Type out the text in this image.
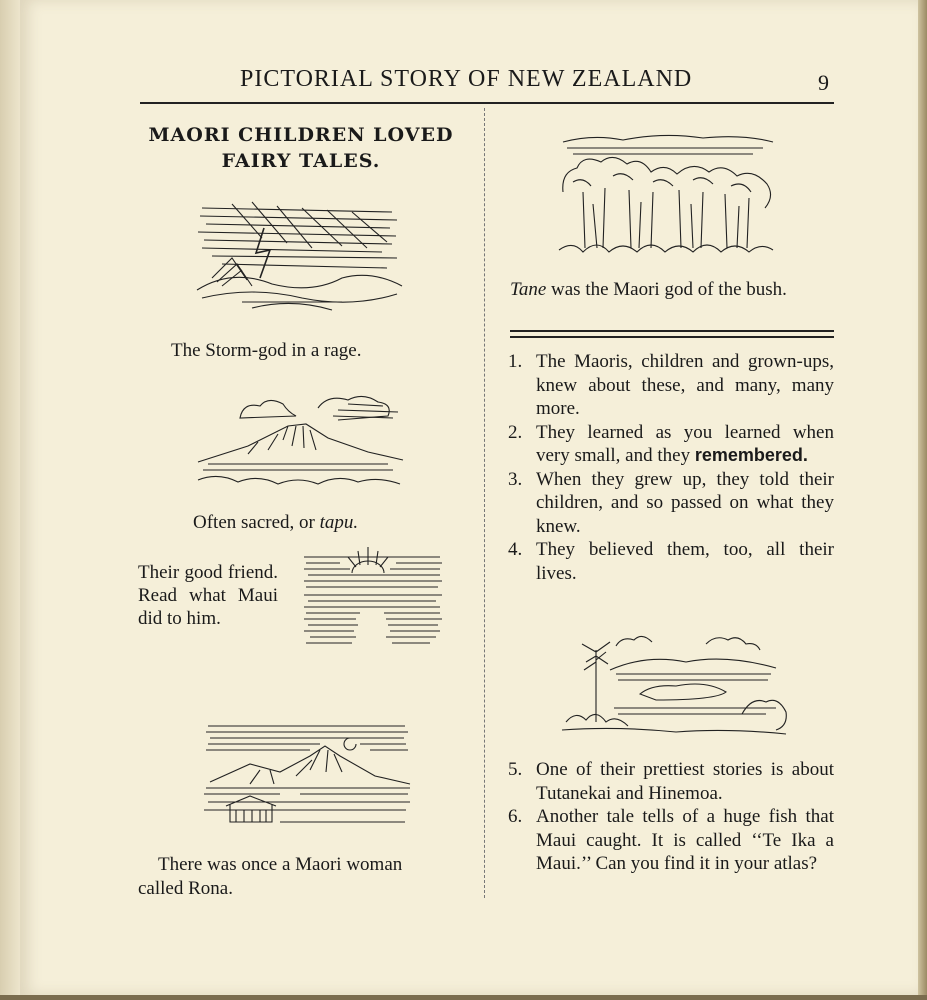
PICTORIAL STORY OF NEW ZEALAND	9
MAORI CHILDREN LOVED
FAIRY TALES.
The Storm-god in a rage.
Often sacred, or tapu.
Their good friend. Read what Maui did to him.
There was once a Maori woman
called Rona.
Tane was the Maori god of the bush.
1. The Maoris, children and grown-ups, knew about these, and many, many more.
2. They learned as you learned when very small, and they remembered.
3. When they grew up, they told their children, and so passed on what they knew.
4. They believed them, too, all their lives.
5. One of their prettiest stories is about Tutanekai and Hinemoa.
6. Another tale tells of a huge fish that Maui caught. It is called ‘‘Te Ika a Maui.’’ Can you find it in your atlas?
